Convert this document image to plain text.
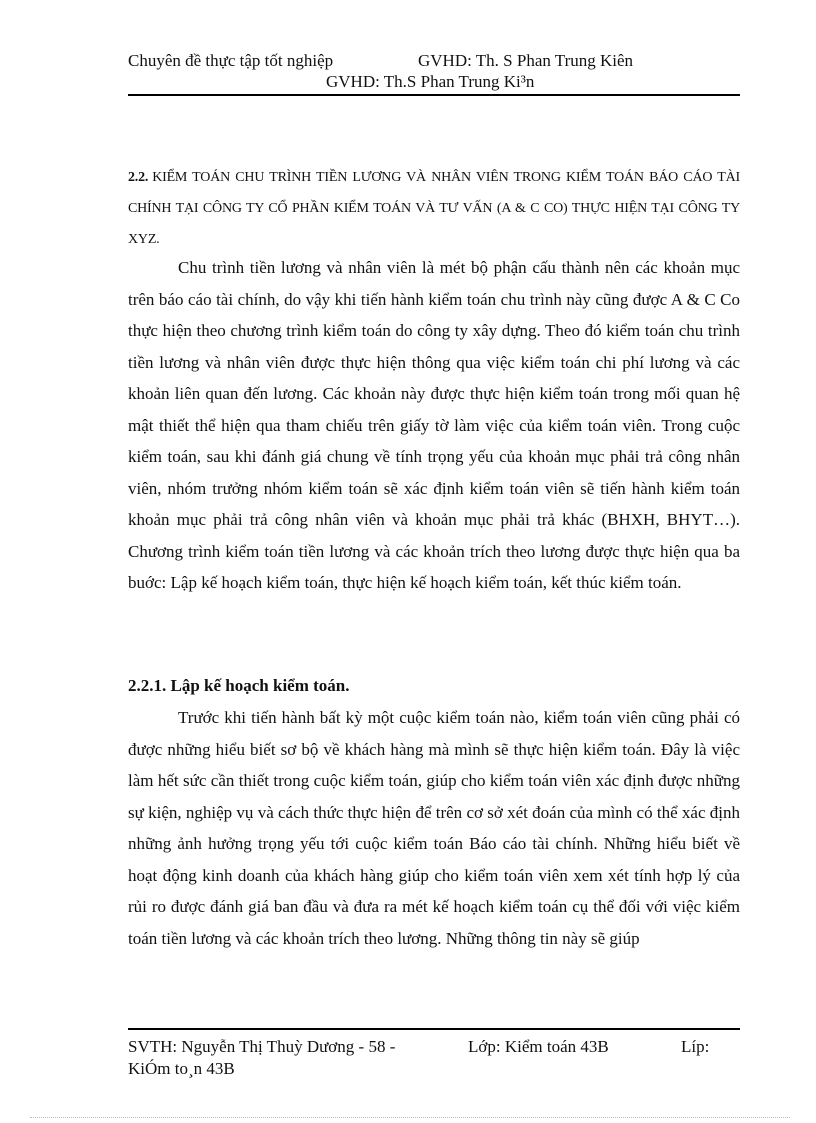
Chuyên đề thực tập tốt nghiệp	GVHD: Th. S Phan Trung Kiên
GVHD: Th.S Phan Trung Ki³n
2.2. KIỂM TOÁN CHU TRÌNH TIỀN LƯƠNG VÀ NHÂN VIÊN TRONG KIỂM TOÁN BÁO CÁO TÀI CHÍNH TẠI CÔNG TY CỔ PHẦN KIỂM TOÁN VÀ TƯ VẤN (A & C CO) THỰC HIỆN TẠI CÔNG TY XYZ.

Chu trình tiền lương và nhân viên là mét bộ phận cấu thành nên các khoản mục trên báo cáo tài chính, do vậy khi tiến hành kiểm toán chu trình này cũng được A & C Co thực hiện theo chương trình kiểm toán do công ty xây dựng. Theo đó kiểm toán chu trình tiền lương và nhân viên được thực hiện thông qua việc kiểm toán chi phí lương và các khoản liên quan đến lương. Các khoản này được thực hiện kiểm toán trong mối quan hệ mật thiết thể hiện qua tham chiếu trên giấy tờ làm việc của kiểm toán viên. Trong cuộc kiểm toán, sau khi đánh giá chung về tính trọng yếu của khoản mục phải trả công nhân viên, nhóm trưởng nhóm kiểm toán sẽ xác định kiểm toán viên sẽ tiến hành kiểm toán khoản mục phải trả công nhân viên và khoản mục phải trả khác (BHXH, BHYT…). Chương trình kiểm toán tiền lương và các khoản trích theo lương được thực hiện qua ba buớc: Lập kế hoạch kiểm toán, thực hiện kế hoạch kiểm toán, kết thúc kiểm toán.

2.2.1. Lập kế hoạch kiểm toán.

Trước khi tiến hành bất kỳ một cuộc kiểm toán nào, kiểm toán viên cũng phải có được những hiểu biết sơ bộ về khách hàng mà mình sẽ thực hiện kiểm toán. Đây là việc làm hết sức cần thiết trong cuộc kiểm toán, giúp cho kiểm toán viên xác định được những sự kiện, nghiệp vụ và cách thức thực hiện để trên cơ sở xét đoán của mình có thể xác định những ảnh hưởng trọng yếu tới cuộc kiểm toán Báo cáo tài chính. Những hiểu biết về hoạt động kinh doanh của khách hàng giúp cho kiểm toán viên xem xét tính hợp lý của rủi ro được đánh giá ban đầu và đưa ra mét kế hoạch kiểm toán cụ thể đối với việc kiểm toán tiền lương và các khoản trích theo lương. Những thông tin này sẽ giúp

SVTH: Nguyễn Thị Thuỳ Dương - 58 -	Lớp: Kiểm toán 43B	Líp:
KiÓm to¸n 43B
